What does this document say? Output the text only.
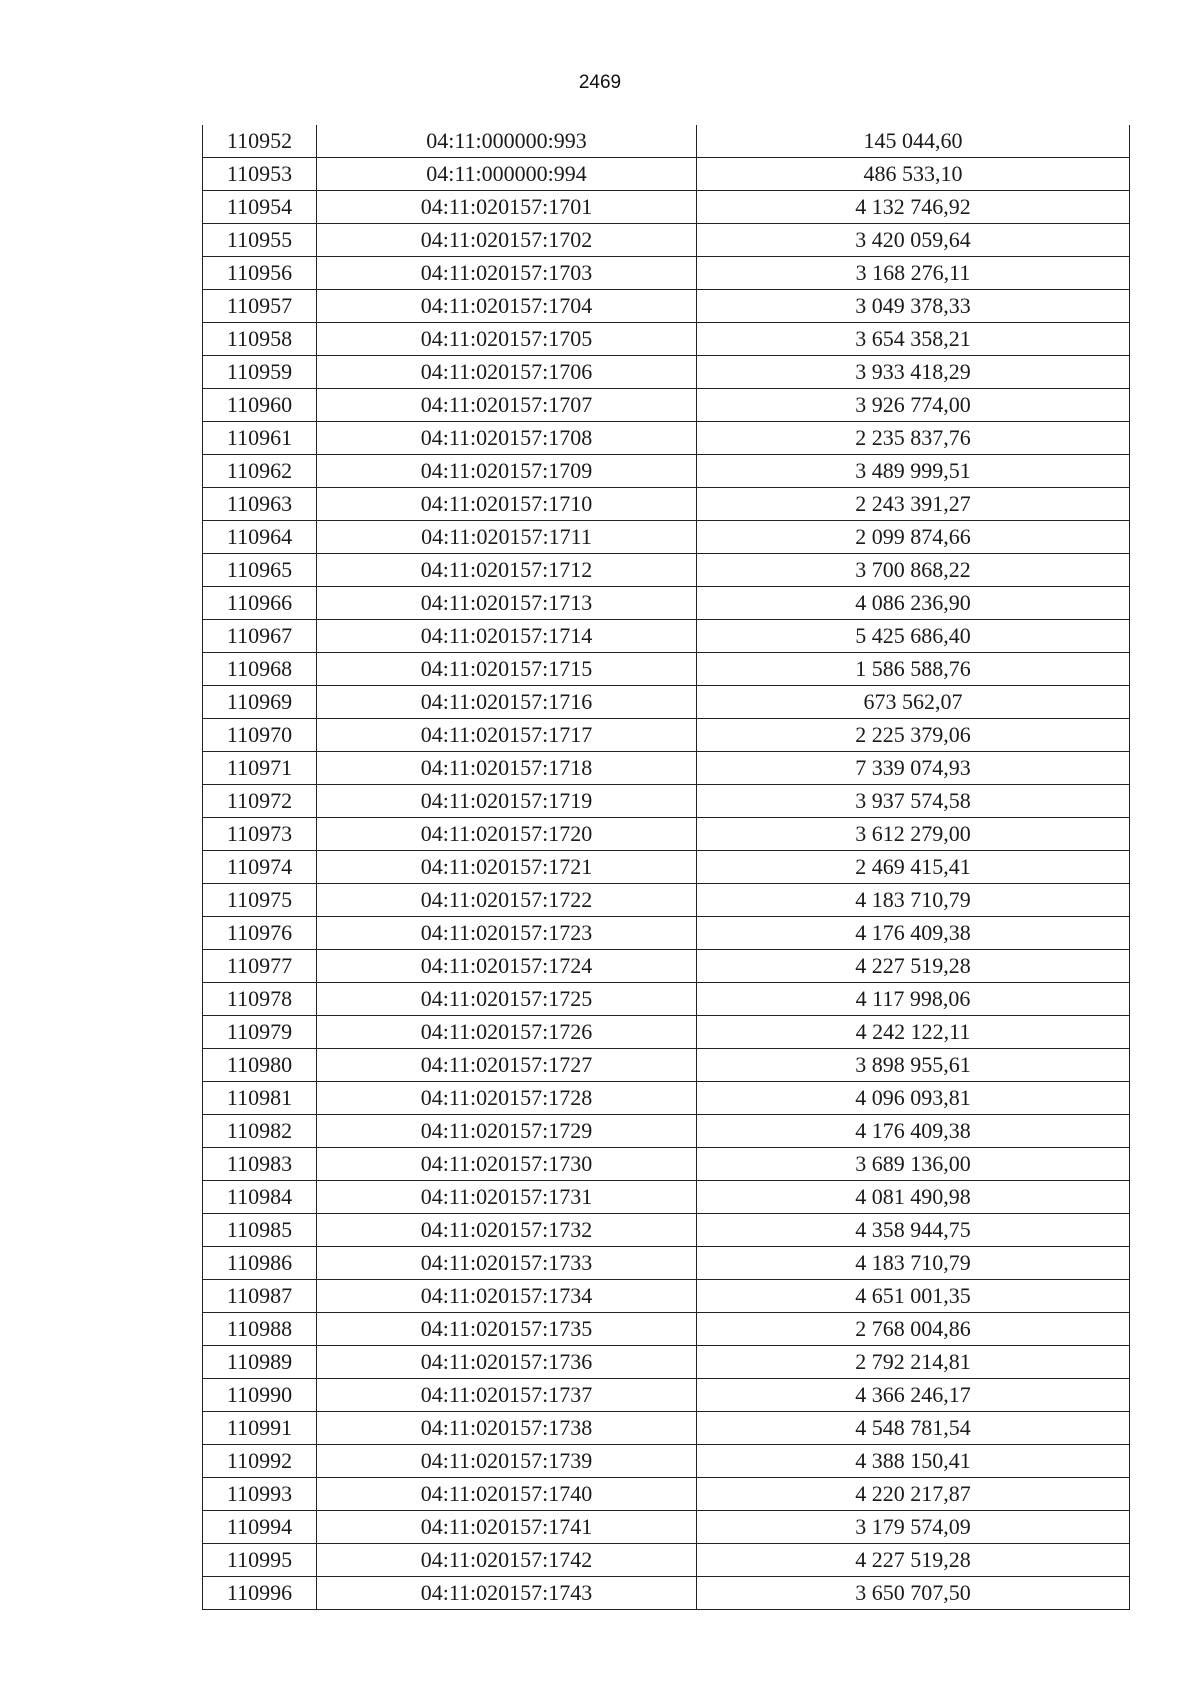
2469
110952	04:11:000000:993	145 044,60
110953	04:11:000000:994	486 533,10
110954	04:11:020157:1701	4 132 746,92
110955	04:11:020157:1702	3 420 059,64
110956	04:11:020157:1703	3 168 276,11
110957	04:11:020157:1704	3 049 378,33
110958	04:11:020157:1705	3 654 358,21
110959	04:11:020157:1706	3 933 418,29
110960	04:11:020157:1707	3 926 774,00
110961	04:11:020157:1708	2 235 837,76
110962	04:11:020157:1709	3 489 999,51
110963	04:11:020157:1710	2 243 391,27
110964	04:11:020157:1711	2 099 874,66
110965	04:11:020157:1712	3 700 868,22
110966	04:11:020157:1713	4 086 236,90
110967	04:11:020157:1714	5 425 686,40
110968	04:11:020157:1715	1 586 588,76
110969	04:11:020157:1716	673 562,07
110970	04:11:020157:1717	2 225 379,06
110971	04:11:020157:1718	7 339 074,93
110972	04:11:020157:1719	3 937 574,58
110973	04:11:020157:1720	3 612 279,00
110974	04:11:020157:1721	2 469 415,41
110975	04:11:020157:1722	4 183 710,79
110976	04:11:020157:1723	4 176 409,38
110977	04:11:020157:1724	4 227 519,28
110978	04:11:020157:1725	4 117 998,06
110979	04:11:020157:1726	4 242 122,11
110980	04:11:020157:1727	3 898 955,61
110981	04:11:020157:1728	4 096 093,81
110982	04:11:020157:1729	4 176 409,38
110983	04:11:020157:1730	3 689 136,00
110984	04:11:020157:1731	4 081 490,98
110985	04:11:020157:1732	4 358 944,75
110986	04:11:020157:1733	4 183 710,79
110987	04:11:020157:1734	4 651 001,35
110988	04:11:020157:1735	2 768 004,86
110989	04:11:020157:1736	2 792 214,81
110990	04:11:020157:1737	4 366 246,17
110991	04:11:020157:1738	4 548 781,54
110992	04:11:020157:1739	4 388 150,41
110993	04:11:020157:1740	4 220 217,87
110994	04:11:020157:1741	3 179 574,09
110995	04:11:020157:1742	4 227 519,28
110996	04:11:020157:1743	3 650 707,50
